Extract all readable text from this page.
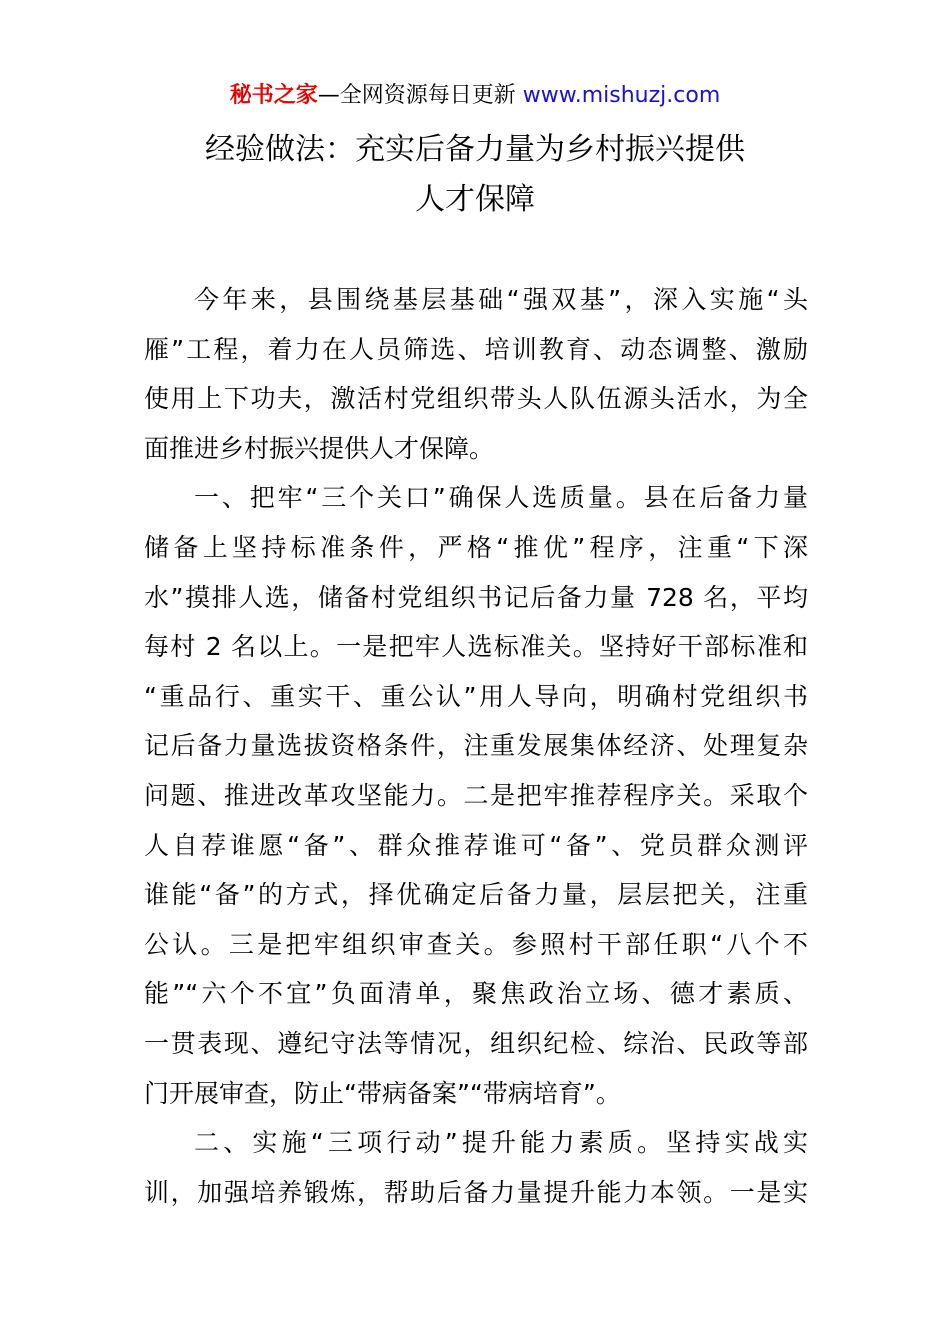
秘书之家—全网资源每日更新 www.mishuzj.com
经验做法：充实后备力量为乡村振兴提供
人才保障
今年来，县围绕基层基础“强双基”，深入实施“头
雁”工程，着力在人员筛选、培训教育、动态调整、激励
使用上下功夫，激活村党组织带头人队伍源头活水，为全
面推进乡村振兴提供人才保障。
一、把牢“三个关口”确保人选质量。县在后备力量
储备上坚持标准条件，严格“推优”程序，注重“下深
水”摸排人选，储备村党组织书记后备力量 728 名，平均
每村 2 名以上。一是把牢人选标准关。坚持好干部标准和
“重品行、重实干、重公认”用人导向，明确村党组织书
记后备力量选拔资格条件，注重发展集体经济、处理复杂
问题、推进改革攻坚能力。二是把牢推荐程序关。采取个
人自荐谁愿“备”、群众推荐谁可“备”、党员群众测评
谁能“备”的方式，择优确定后备力量，层层把关，注重
公认。三是把牢组织审查关。参照村干部任职“八个不
能”“六个不宜”负面清单，聚焦政治立场、德才素质、
一贯表现、遵纪守法等情况，组织纪检、综治、民政等部
门开展审查，防止“带病备案”“带病培育”。
二、实施“三项行动”提升能力素质。坚持实战实
训，加强培养锻炼，帮助后备力量提升能力本领。一是实
